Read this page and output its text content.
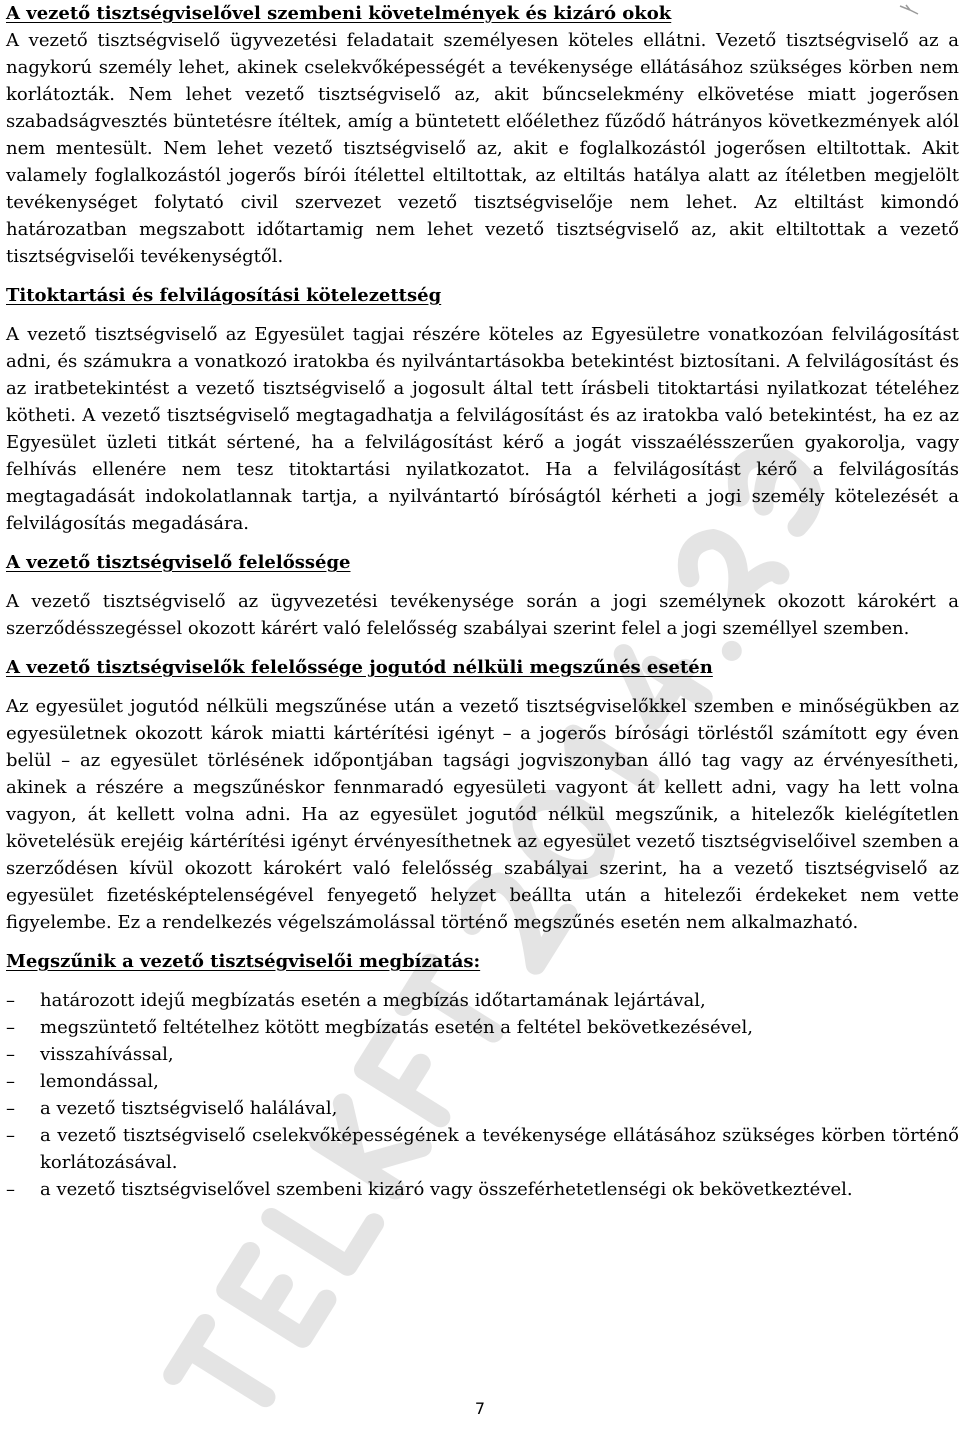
A vezető tisztségviselővel szembeni követelmények és kizáró okok

A vezető tisztségviselő ügyvezetési feladatait személyesen köteles ellátni. Vezető tisztségviselő az a nagykorú személy lehet, akinek cselekvőképességét a tevékenysége ellátásához szükséges körben nem korlátozták. Nem lehet vezető tisztségviselő az, akit bűncselekmény elkövetése miatt jogerősen szabadságvesztés büntetésre ítéltek, amíg a büntetett előélethez fűződő hátrányos következmények alól nem mentesült. Nem lehet vezető tisztségviselő az, akit e foglalkozástól jogerősen eltiltottak. Akit valamely foglalkozástól jogerős bírói ítélettel eltiltottak, az eltiltás hatálya alatt az ítéletben megjelölt tevékenységet folytató civil szervezet vezető tisztségviselője nem lehet. Az eltiltást kimondó határozatban megszabott időtartamig nem lehet vezető tisztségviselő az, akit eltiltottak a vezető tisztségviselői tevékenységtől.

Titoktartási és felvilágosítási kötelezettség

A vezető tisztségviselő az Egyesület tagjai részére köteles az Egyesületre vonatkozóan felvilágosítást adni, és számukra a vonatkozó iratokba és nyilvántartásokba betekintést biztosítani. A felvilágosítást és az iratbetekintést a vezető tisztségviselő a jogosult által tett írásbeli titoktartási nyilatkozat tételéhez kötheti. A vezető tisztségviselő megtagadhatja a felvilágosítást és az iratokba való betekintést, ha ez az Egyesület üzleti titkát sértené, ha a felvilágosítást kérő a jogát visszaélésszerűen gyakorolja, vagy felhívás ellenére nem tesz titoktartási nyilatkozatot. Ha a felvilágosítást kérő a felvilágosítás megtagadását indokolatlannak tartja, a nyilvántartó bíróságtól kérheti a jogi személy kötelezését a felvilágosítás megadására.

A vezető tisztségviselő felelőssége

A vezető tisztségviselő az ügyvezetési tevékenysége során a jogi személynek okozott károkért a szerződésszegéssel okozott kárért való felelősség szabályai szerint felel a jogi személlyel szemben.

A vezető tisztségviselők felelőssége jogutód nélküli megszűnés esetén

Az egyesület jogutód nélküli megszűnése után a vezető tisztségviselőkkel szemben e minőségükben az egyesületnek okozott károk miatti kártérítési igényt – a jogerős bírósági törléstől számított egy éven belül – az egyesület törlésének időpontjában tagsági jogviszonyban álló tag vagy az érvényesítheti, akinek a részére a megszűnéskor fennmaradó egyesületi vagyont át kellett adni, vagy ha lett volna vagyon, át kellett volna adni. Ha az egyesület jogutód nélkül megszűnik, a hitelezők kielégítetlen követelésük erejéig kártérítési igényt érvényesíthetnek az egyesület vezető tisztségviselőivel szemben a szerződésen kívül okozott károkért való felelősség szabályai szerint, ha a vezető tisztségviselő az egyesület fizetésképtelenségével fenyegető helyzet beállta után a hitelezői érdekeket nem vette figyelembe. Ez a rendelkezés végelszámolással történő megszűnés esetén nem alkalmazható.

Megszűnik a vezető tisztségviselői megbízatás:
– határozott idejű megbízatás esetén a megbízás időtartamának lejártával,
– megszüntető feltételhez kötött megbízatás esetén a feltétel bekövetkezésével,
– visszahívással,
– lemondással,
– a vezető tisztségviselő halálával,
– a vezető tisztségviselő cselekvőképességének a tevékenysége ellátásához szükséges körben történő korlátozásával.
– a vezető tisztségviselővel szembeni kizáró vagy összeférhetetlenségi ok bekövetkeztével.
7
